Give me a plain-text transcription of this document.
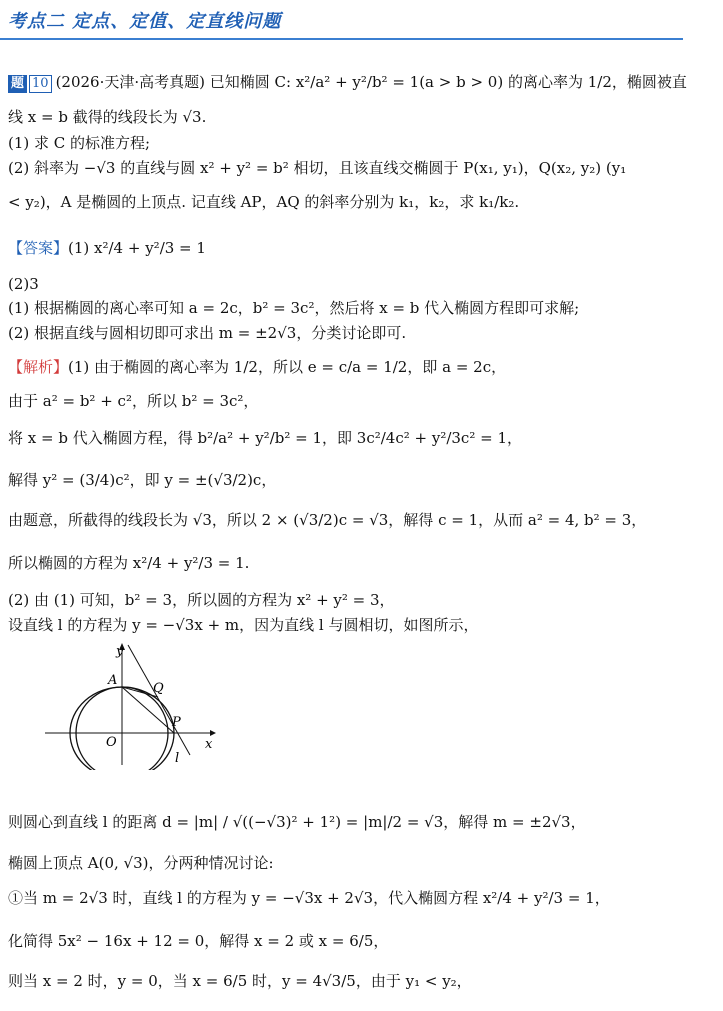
考点二 定点、定值、定直线问题
题 10 (2026·天津·高考真题) 已知椭圆 C: x²/a² + y²/b² = 1(a > b > 0) 的离心率为 1/2，椭圆被直
线 x = b 截得的线段长为 √3.
(1) 求 C 的标准方程;
(2) 斜率为 −√3 的直线与圆 x² + y² = b² 相切，且该直线交椭圆于 P(x₁, y₁)，Q(x₂, y₂) (y₁
< y₂)，A 是椭圆的上顶点. 记直线 AP，AQ 的斜率分别为 k₁，k₂，求 k₁/k₂.
【答案】(1) x²/4 + y²/3 = 1
(2)3
(1) 根据椭圆的离心率可知 a = 2c，b² = 3c²，然后将 x = b 代入椭圆方程即可求解;
(2) 根据直线与圆相切即可求出 m = ±2√3，分类讨论即可.
【解析】(1) 由于椭圆的离心率为 1/2，所以 e = c/a = 1/2，即 a = 2c，
由于 a² = b² + c²，所以 b² = 3c²，
将 x = b 代入椭圆方程，得 b²/a² + y²/b² = 1，即 3c²/4c² + y²/3c² = 1，
解得 y² = (3/4)c²，即 y = ±(√3/2)c，
由题意，所截得的线段长为 √3，所以 2 × (√3/2)c = √3，解得 c = 1，从而 a² = 4, b² = 3，
所以椭圆的方程为 x²/4 + y²/3 = 1.
(2) 由 (1) 可知，b² = 3，所以圆的方程为 x² + y² = 3，
设直线 l 的方程为 y = −√3x + m，因为直线 l 与圆相切，如图所示，
y
x
A
Q
P
O
l
则圆心到直线 l 的距离 d = |m| / √((−√3)² + 1²) = |m|/2 = √3，解得 m = ±2√3，
椭圆上顶点 A(0, √3)，分两种情况讨论:
①当 m = 2√3 时，直线 l 的方程为 y = −√3x + 2√3，代入椭圆方程 x²/4 + y²/3 = 1，
化简得 5x² − 16x + 12 = 0，解得 x = 2 或 x = 6/5，
则当 x = 2 时，y = 0，当 x = 6/5 时，y = 4√3/5，由于 y₁ < y₂，
